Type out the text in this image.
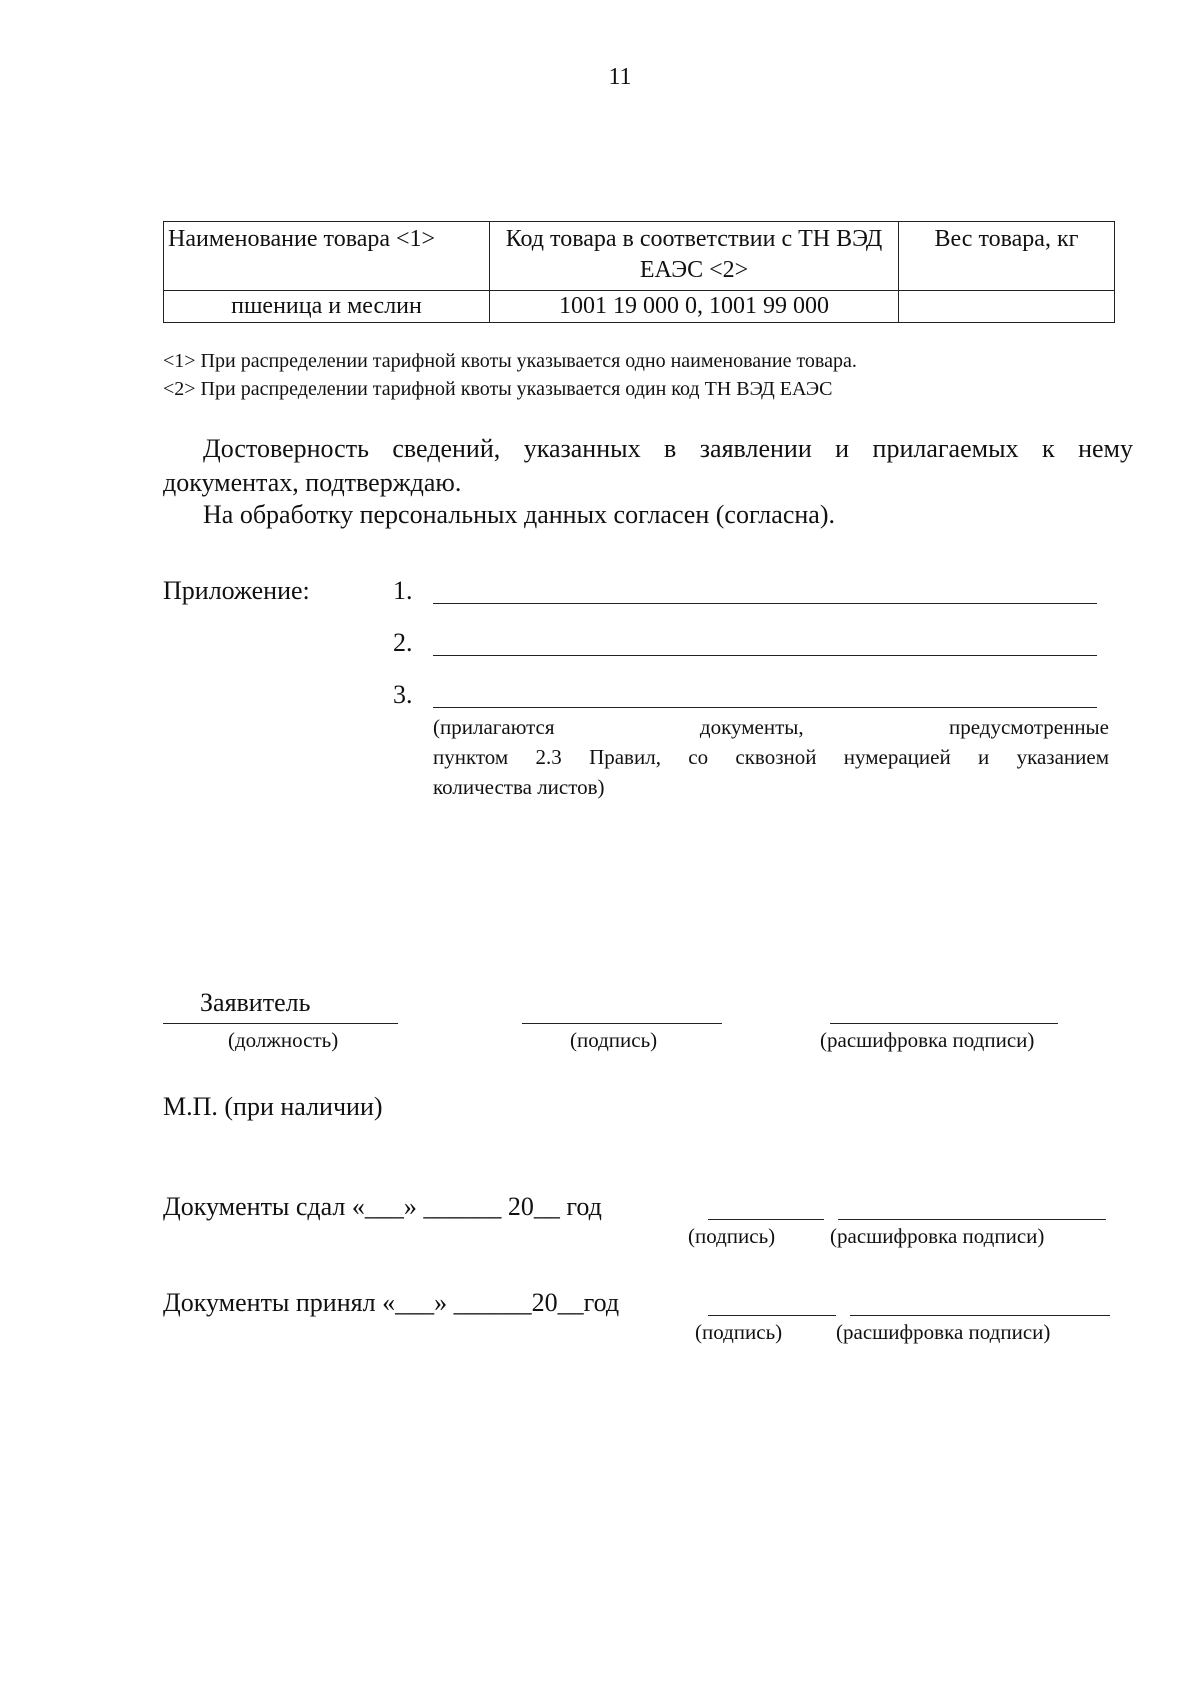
11
Наименование товара <1>	Код товара в соответствии с ТН ВЭД ЕАЭС <2>	Вес товара, кг
пшеница и меслин	1001 19 000 0, 1001 99 000	
<1> При распределении тарифной квоты указывается одно наименование товара.
<2> При распределении тарифной квоты указывается один код ТН ВЭД ЕАЭС
Достоверность сведений, указанных в заявлении и прилагаемых к нему
документах, подтверждаю.
На обработку персональных данных согласен (согласна).
Приложение:	1.
2.
3.
(прилагаются документы, предусмотренные
пунктом 2.3 Правил, со сквозной нумерацией и указанием
количества листов)
Заявитель
(должность)	(подпись)	(расшифровка подписи)
М.П. (при наличии)
Документы сдал «___» ______ 20__ год
(подпись)	(расшифровка подписи)
Документы принял «___» ______20__год
(подпись)	(расшифровка подписи)
